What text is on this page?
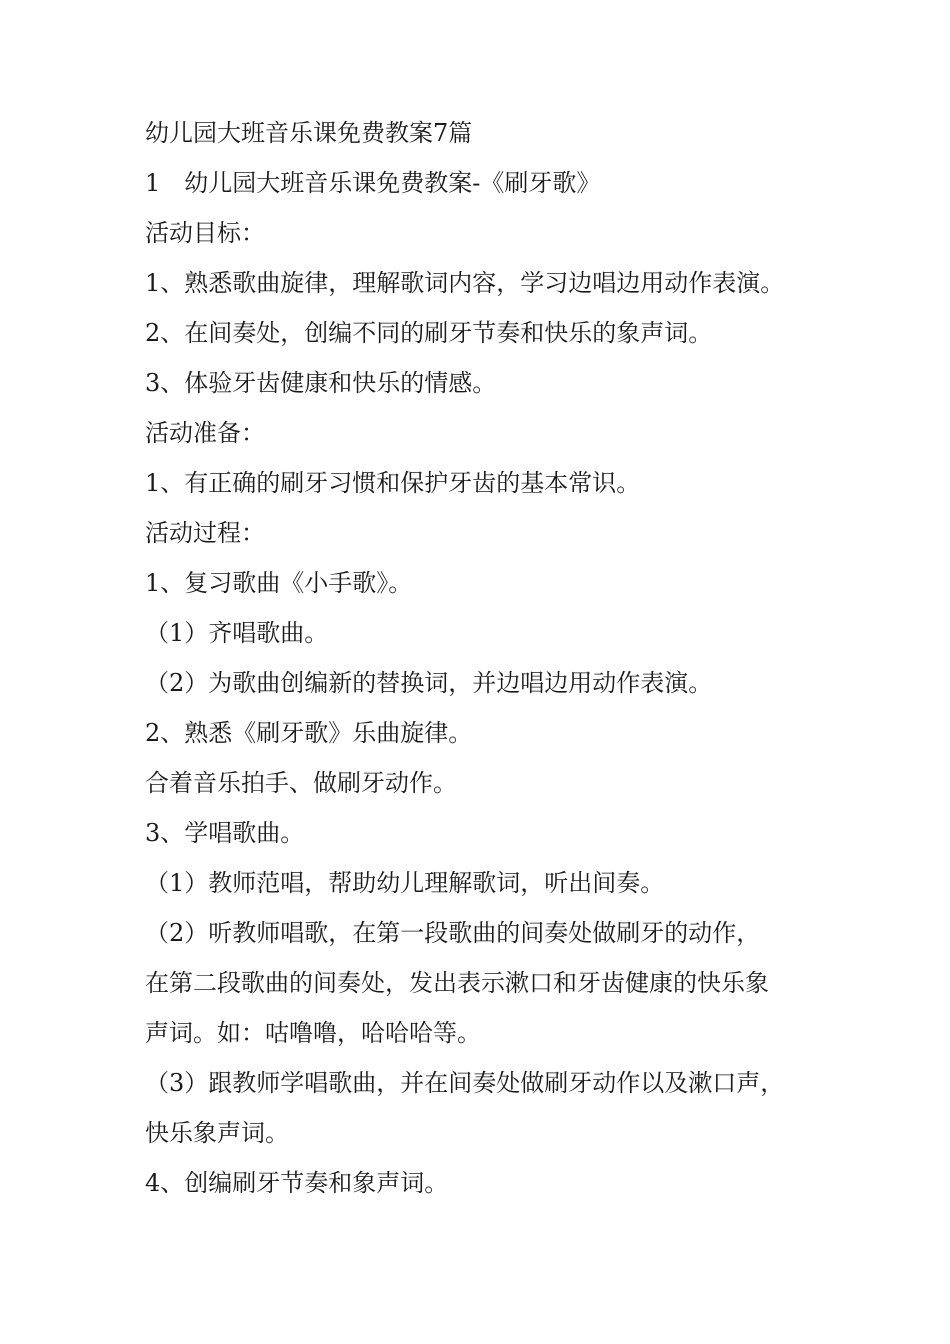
幼儿园大班音乐课免费教案7篇
1　幼儿园大班音乐课免费教案-《刷牙歌》
活动目标：
1、熟悉歌曲旋律，理解歌词内容，学习边唱边用动作表演。
2、在间奏处，创编不同的刷牙节奏和快乐的象声词。
3、体验牙齿健康和快乐的情感。
活动准备：
1、有正确的刷牙习惯和保护牙齿的基本常识。
活动过程：
1、复习歌曲《小手歌》。
（1）齐唱歌曲。
（2）为歌曲创编新的替换词，并边唱边用动作表演。
2、熟悉《刷牙歌》乐曲旋律。
合着音乐拍手、做刷牙动作。
3、学唱歌曲。
（1）教师范唱，帮助幼儿理解歌词，听出间奏。
（2）听教师唱歌，在第一段歌曲的间奏处做刷牙的动作，
在第二段歌曲的间奏处，发出表示漱口和牙齿健康的快乐象
声词。如：咕噜噜，哈哈哈等。
（3）跟教师学唱歌曲，并在间奏处做刷牙动作以及漱口声，
快乐象声词。
4、创编刷牙节奏和象声词。
